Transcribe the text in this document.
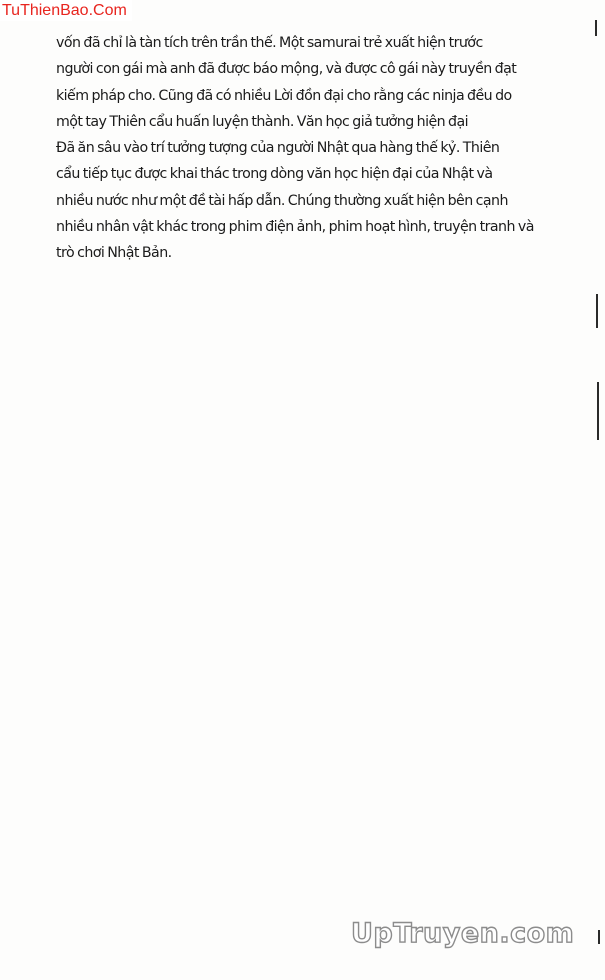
TuThienBao.Com
vốn đã chỉ là tàn tích trên trần thế. Một samurai trẻ xuất hiện trước
người con gái mà anh đã được báo mộng, và được cô gái này truyền đạt
kiếm pháp cho. Cũng đã có nhiều Lời đồn đại cho rằng các ninja đều do
một tay Thiên cẩu huấn luyện thành. Văn học giả tưởng hiện đại
Đã ăn sâu vào trí tưởng tượng của người Nhật qua hàng thế kỷ. Thiên
cẩu tiếp tục được khai thác trong dòng văn học hiện đại của Nhật và
nhiều nước như một đề tài hấp dẫn. Chúng thường xuất hiện bên cạnh
nhiều nhân vật khác trong phim điện ảnh, phim hoạt hình, truyện tranh và
trò chơi Nhật Bản.
UpTruyen.com
